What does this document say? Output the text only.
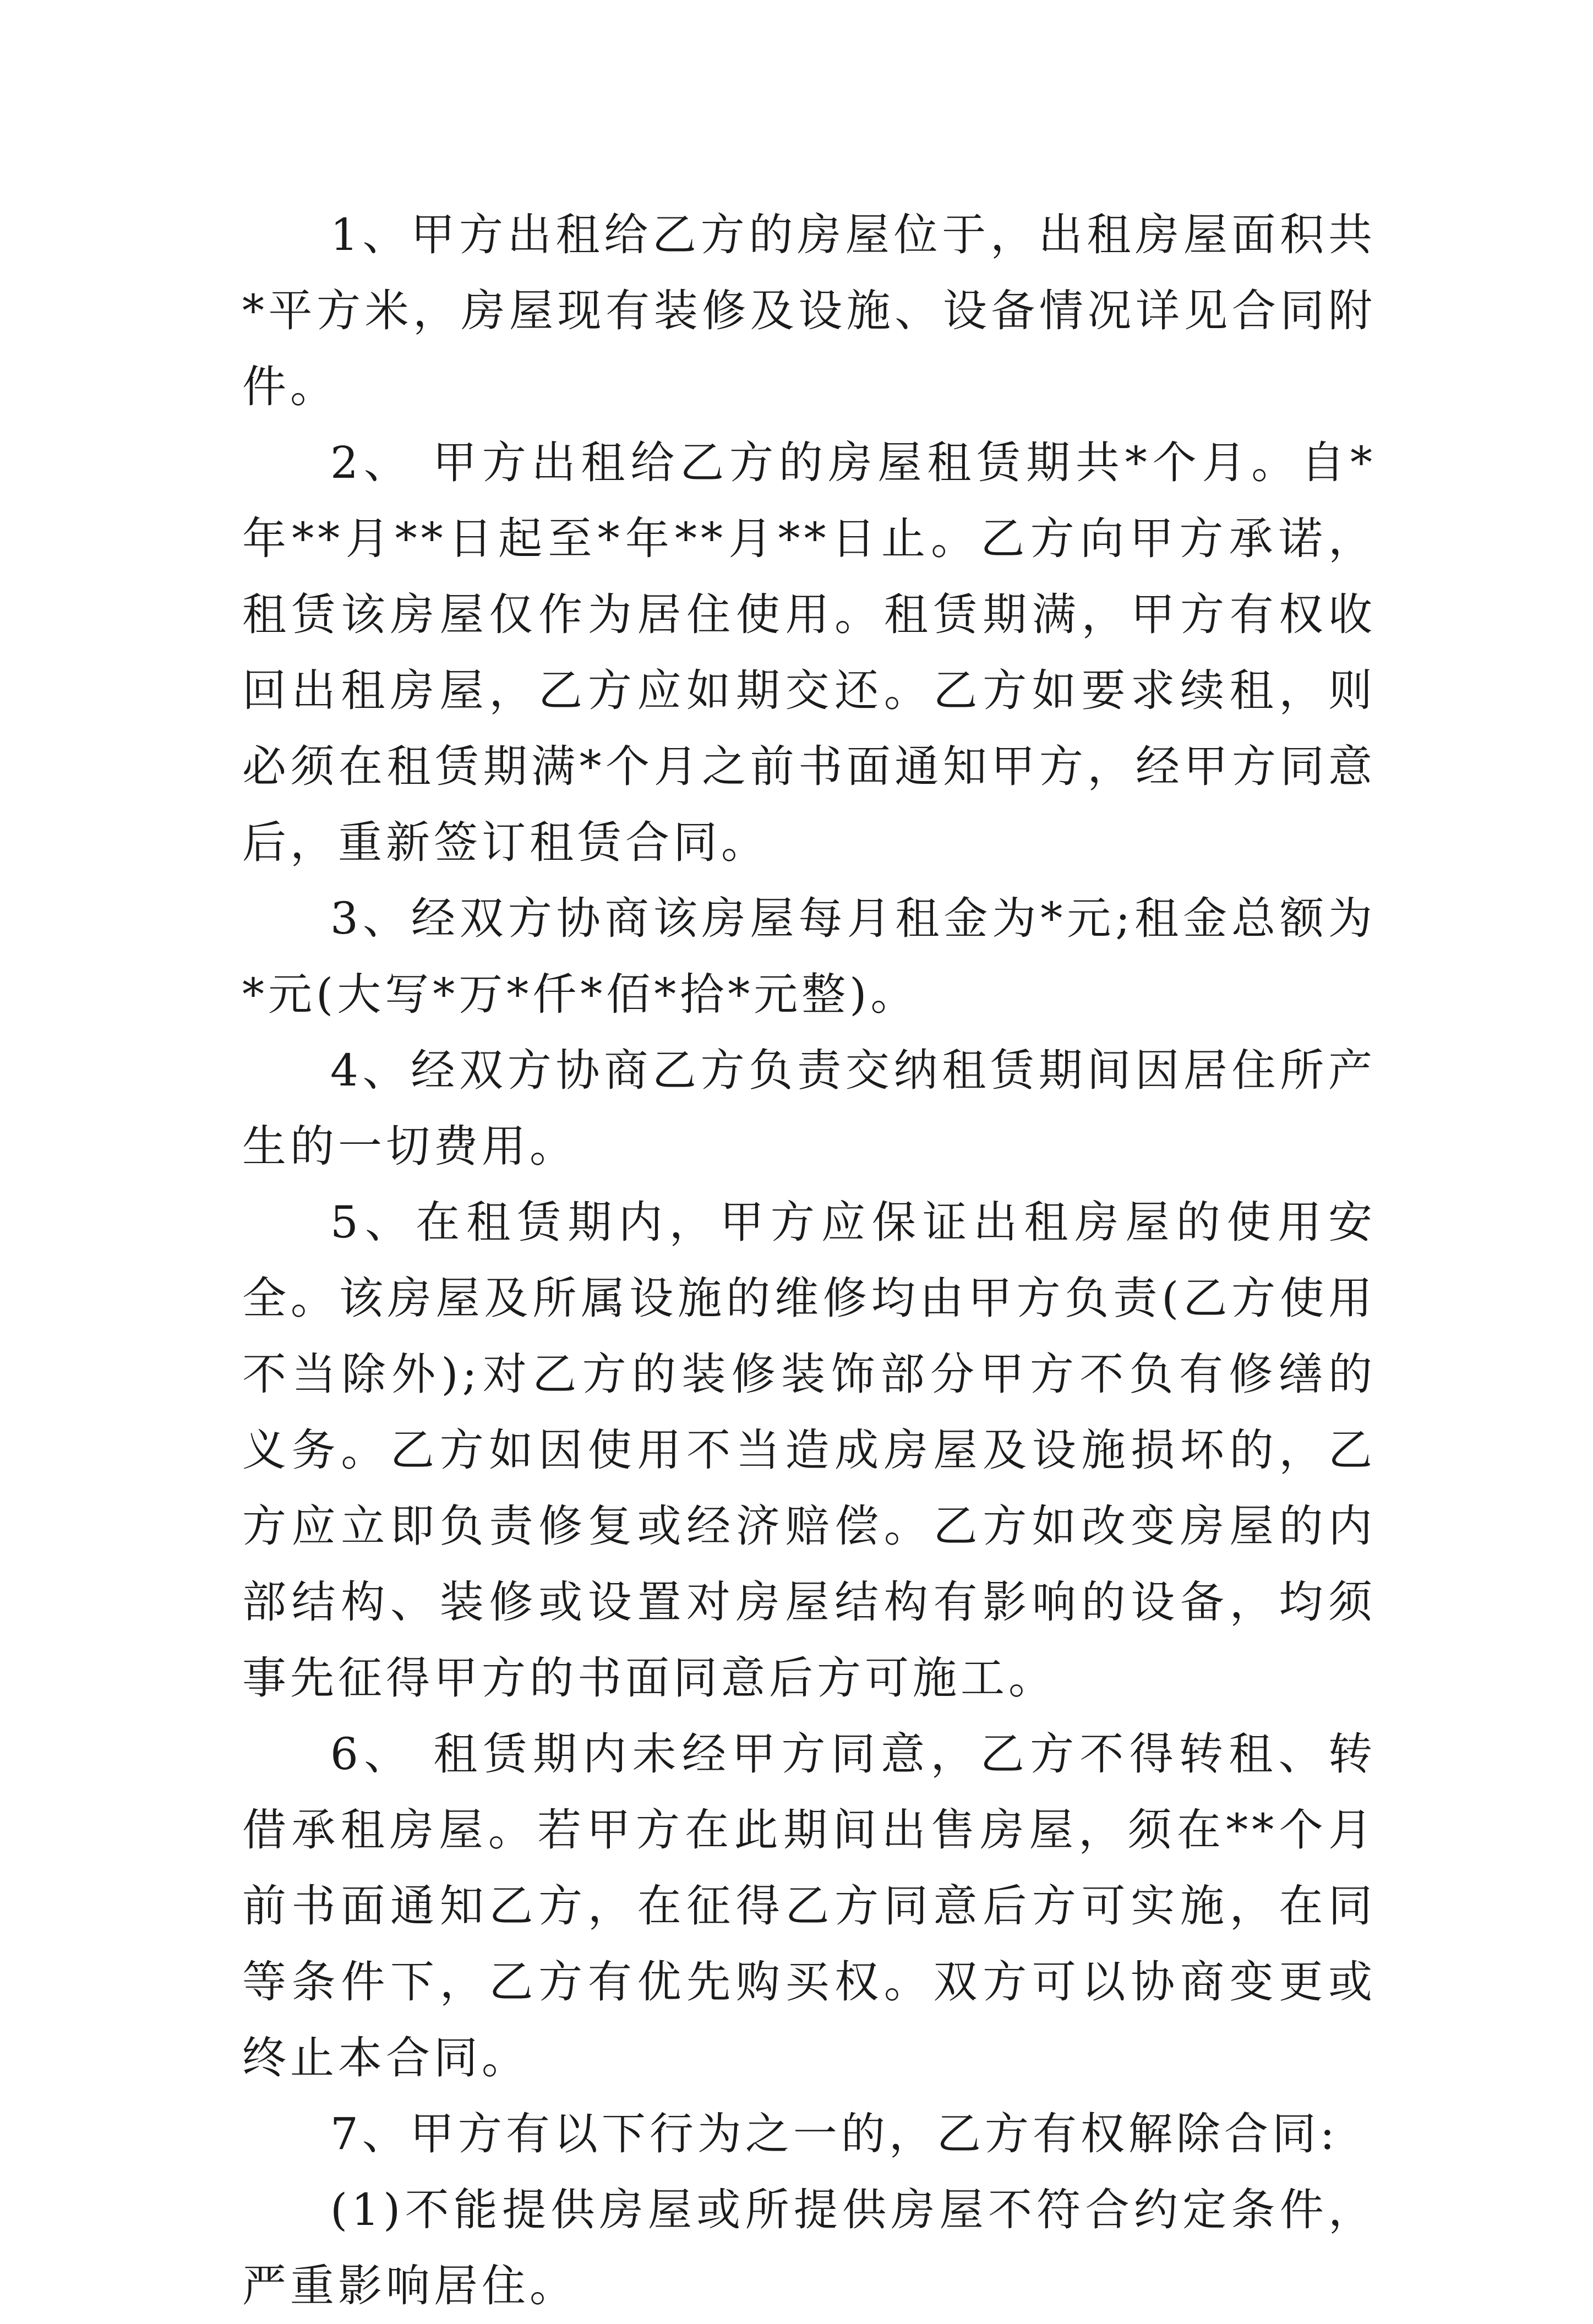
1、甲方出租给乙方的房屋位于，出租房屋面积共*平方米，房屋现有装修及设施、设备情况详见合同附件。

2、 甲方出租给乙方的房屋租赁期共*个月。自*年**月**日起至*年**月**日止。乙方向甲方承诺，租赁该房屋仅作为居住使用。租赁期满，甲方有权收回出租房屋，乙方应如期交还。乙方如要求续租，则必须在租赁期满*个月之前书面通知甲方，经甲方同意后，重新签订租赁合同。

3、经双方协商该房屋每月租金为*元;租金总额为*元(大写*万*仟*佰*拾*元整)。

4、经双方协商乙方负责交纳租赁期间因居住所产生的一切费用。

5、在租赁期内，甲方应保证出租房屋的使用安全。该房屋及所属设施的维修均由甲方负责(乙方使用不当除外);对乙方的装修装饰部分甲方不负有修缮的义务。乙方如因使用不当造成房屋及设施损坏的，乙方应立即负责修复或经济赔偿。乙方如改变房屋的内部结构、装修或设置对房屋结构有影响的设备，均须事先征得甲方的书面同意后方可施工。

6、 租赁期内未经甲方同意，乙方不得转租、转借承租房屋。若甲方在此期间出售房屋，须在**个月前书面通知乙方，在征得乙方同意后方可实施，在同等条件下，乙方有优先购买权。双方可以协商变更或终止本合同。

7、甲方有以下行为之一的，乙方有权解除合同:

(1)不能提供房屋或所提供房屋不符合约定条件，严重影响居住。
